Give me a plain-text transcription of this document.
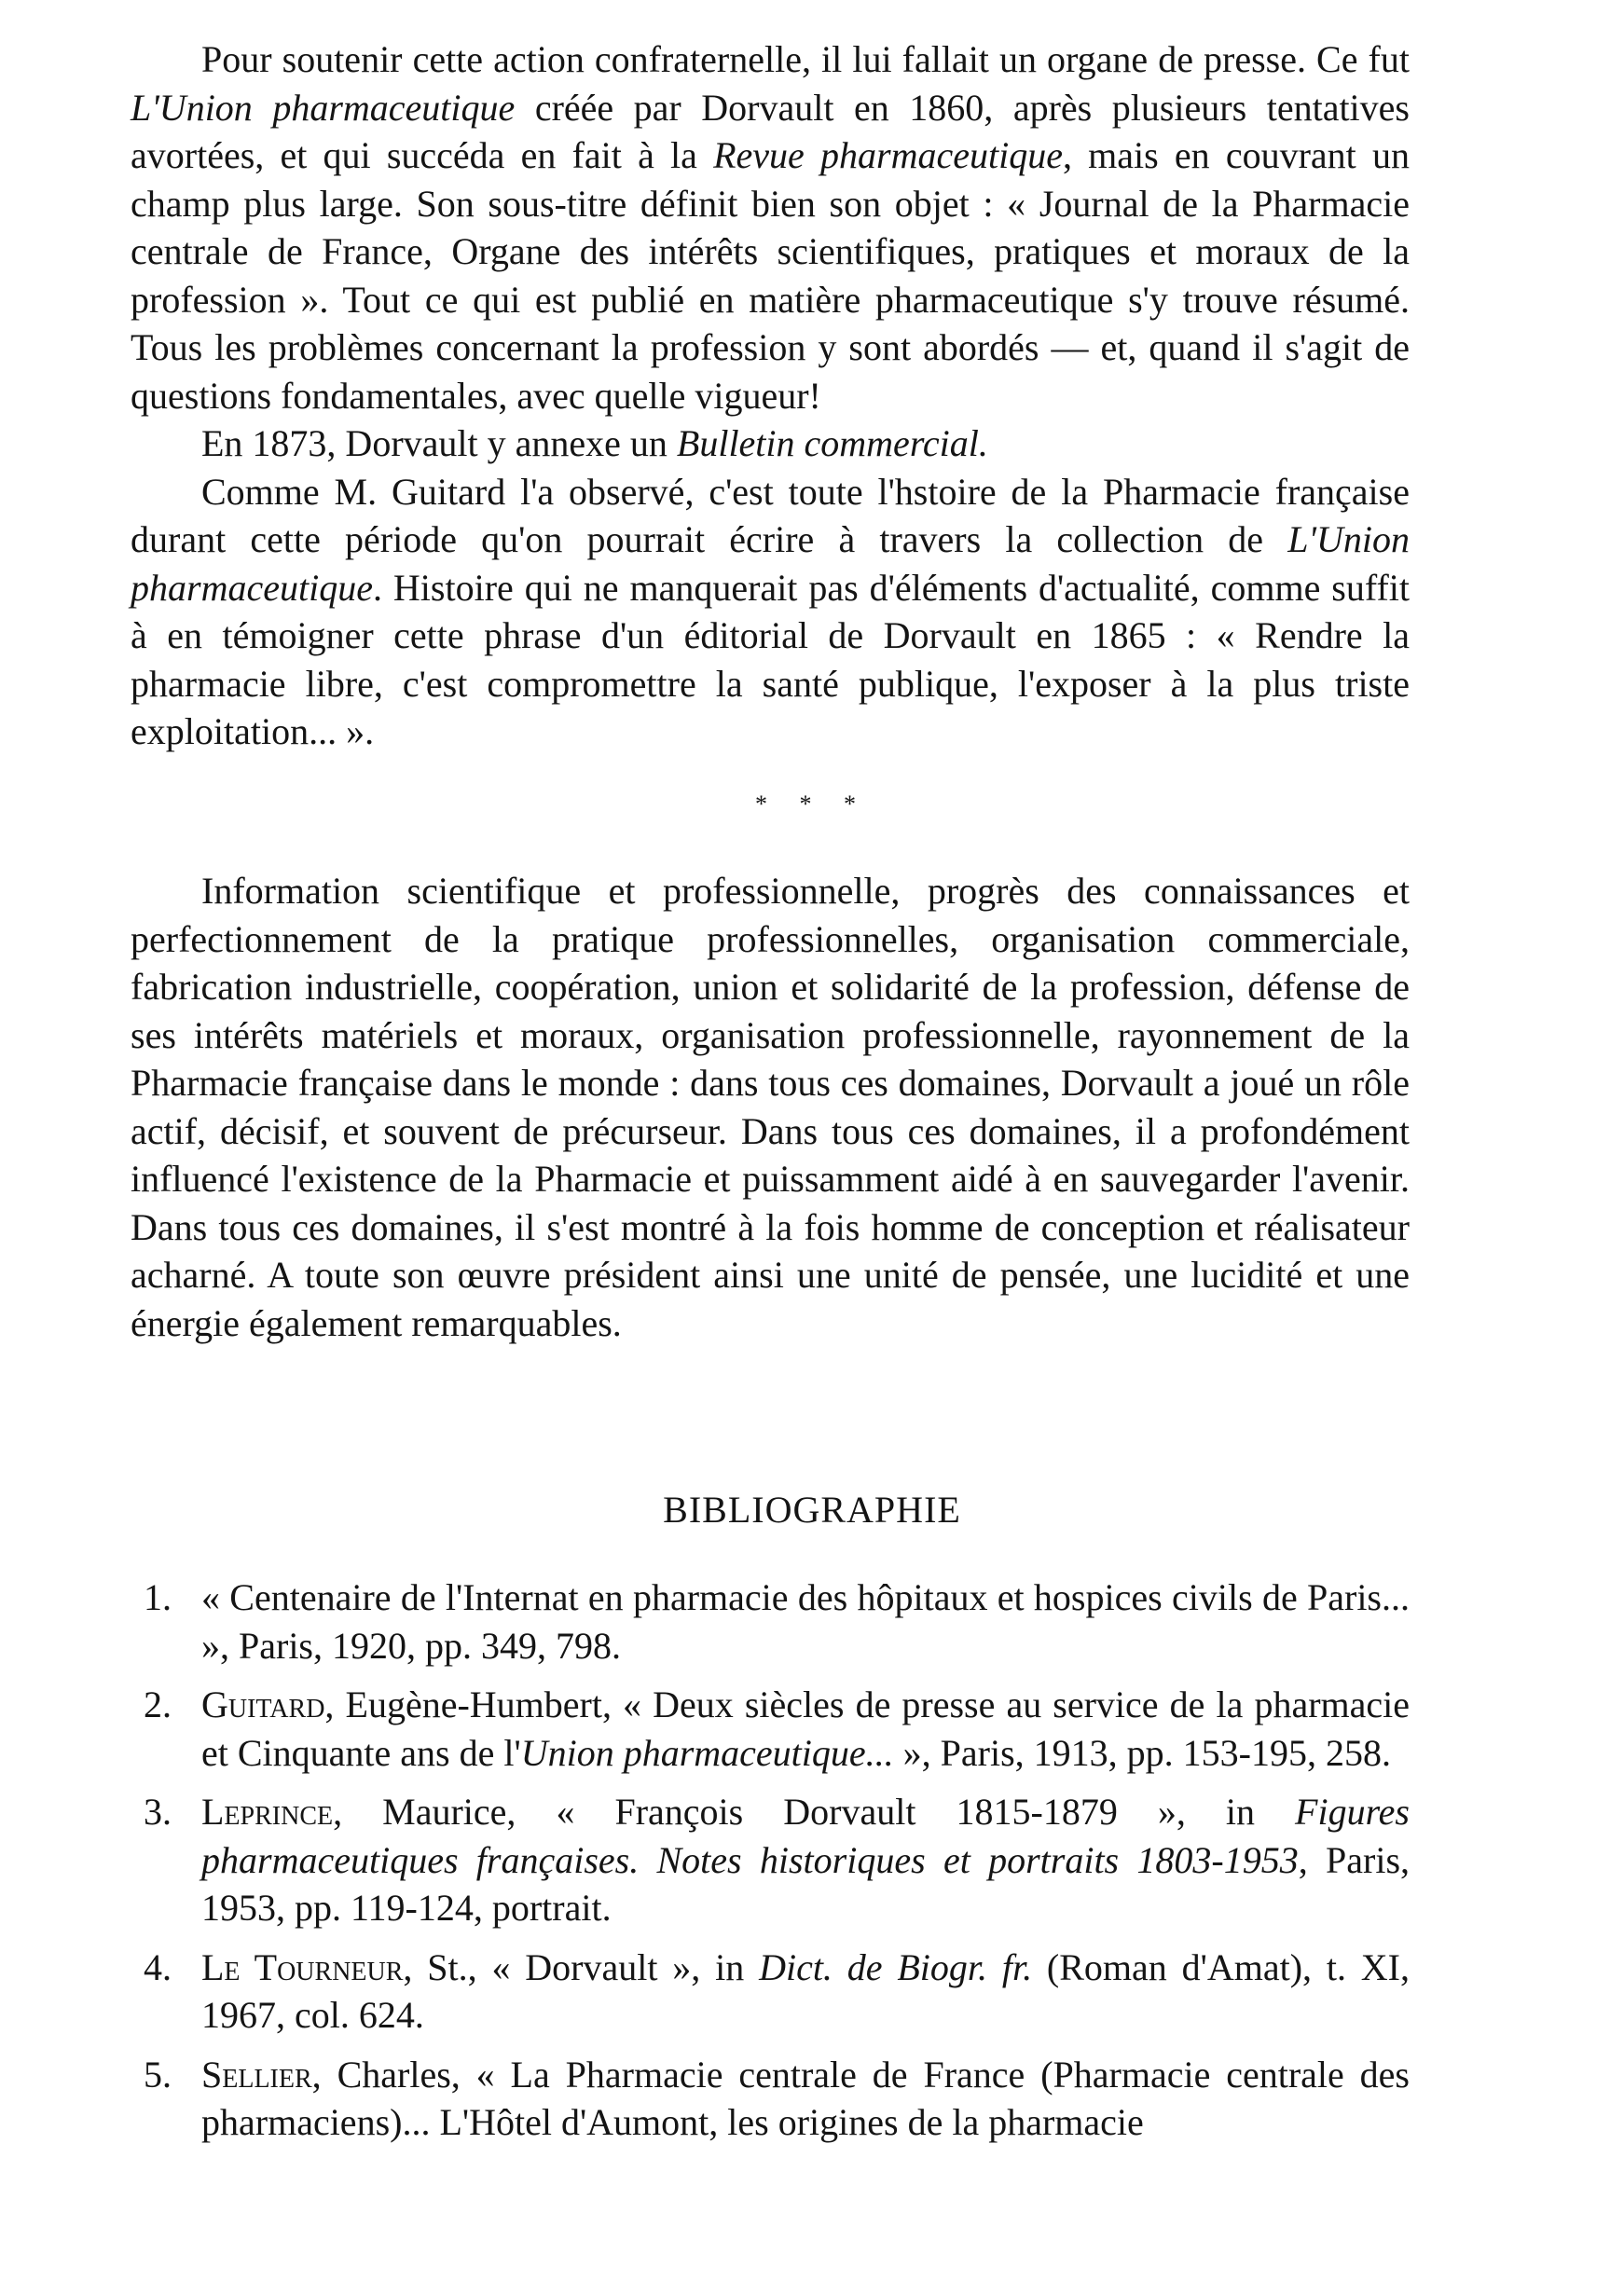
Pour soutenir cette action confraternelle, il lui fallait un organe de presse. Ce fut L'Union pharmaceutique créée par Dorvault en 1860, après plusieurs tentatives avortées, et qui succéda en fait à la Revue pharmaceutique, mais en couvrant un champ plus large. Son sous-titre définit bien son objet : « Journal de la Pharmacie centrale de France, Organe des intérêts scientifiques, pratiques et moraux de la profession ». Tout ce qui est publié en matière pharmaceutique s'y trouve résumé. Tous les problèmes concernant la profession y sont abordés — et, quand il s'agit de questions fondamentales, avec quelle vigueur!

En 1873, Dorvault y annexe un Bulletin commercial.

Comme M. Guitard l'a observé, c'est toute l'hstoire de la Pharmacie française durant cette période qu'on pourrait écrire à travers la collection de L'Union pharmaceutique. Histoire qui ne manquerait pas d'éléments d'actualité, comme suffit à en témoigner cette phrase d'un éditorial de Dorvault en 1865 : « Rendre la pharmacie libre, c'est compromettre la santé publique, l'exposer à la plus triste exploitation... ».

* * *

Information scientifique et professionnelle, progrès des connaissances et perfectionnement de la pratique professionnelles, organisation commerciale, fabrication industrielle, coopération, union et solidarité de la profession, défense de ses intérêts matériels et moraux, organisation professionnelle, rayonnement de la Pharmacie française dans le monde : dans tous ces domaines, Dorvault a joué un rôle actif, décisif, et souvent de précurseur. Dans tous ces domaines, il a profondément influencé l'existence de la Pharmacie et puissamment aidé à en sauvegarder l'avenir. Dans tous ces domaines, il s'est montré à la fois homme de conception et réalisateur acharné. A toute son œuvre président ainsi une unité de pensée, une lucidité et une énergie également remarquables.

BIBLIOGRAPHIE
1. « Centenaire de l'Internat en pharmacie des hôpitaux et hospices civils de Paris... », Paris, 1920, pp. 349, 798.
2. Guitard, Eugène-Humbert, « Deux siècles de presse au service de la pharmacie et Cinquante ans de l'Union pharmaceutique... », Paris, 1913, pp. 153-195, 258.
3. Leprince, Maurice, « François Dorvault 1815-1879 », in Figures pharmaceutiques françaises. Notes historiques et portraits 1803-1953, Paris, 1953, pp. 119-124, portrait.
4. Le Tourneur, St., « Dorvault », in Dict. de Biogr. fr. (Roman d'Amat), t. XI, 1967, col. 624.
5. Sellier, Charles, « La Pharmacie centrale de France (Pharmacie centrale des pharmaciens)... L'Hôtel d'Aumont, les origines de la pharmacie
